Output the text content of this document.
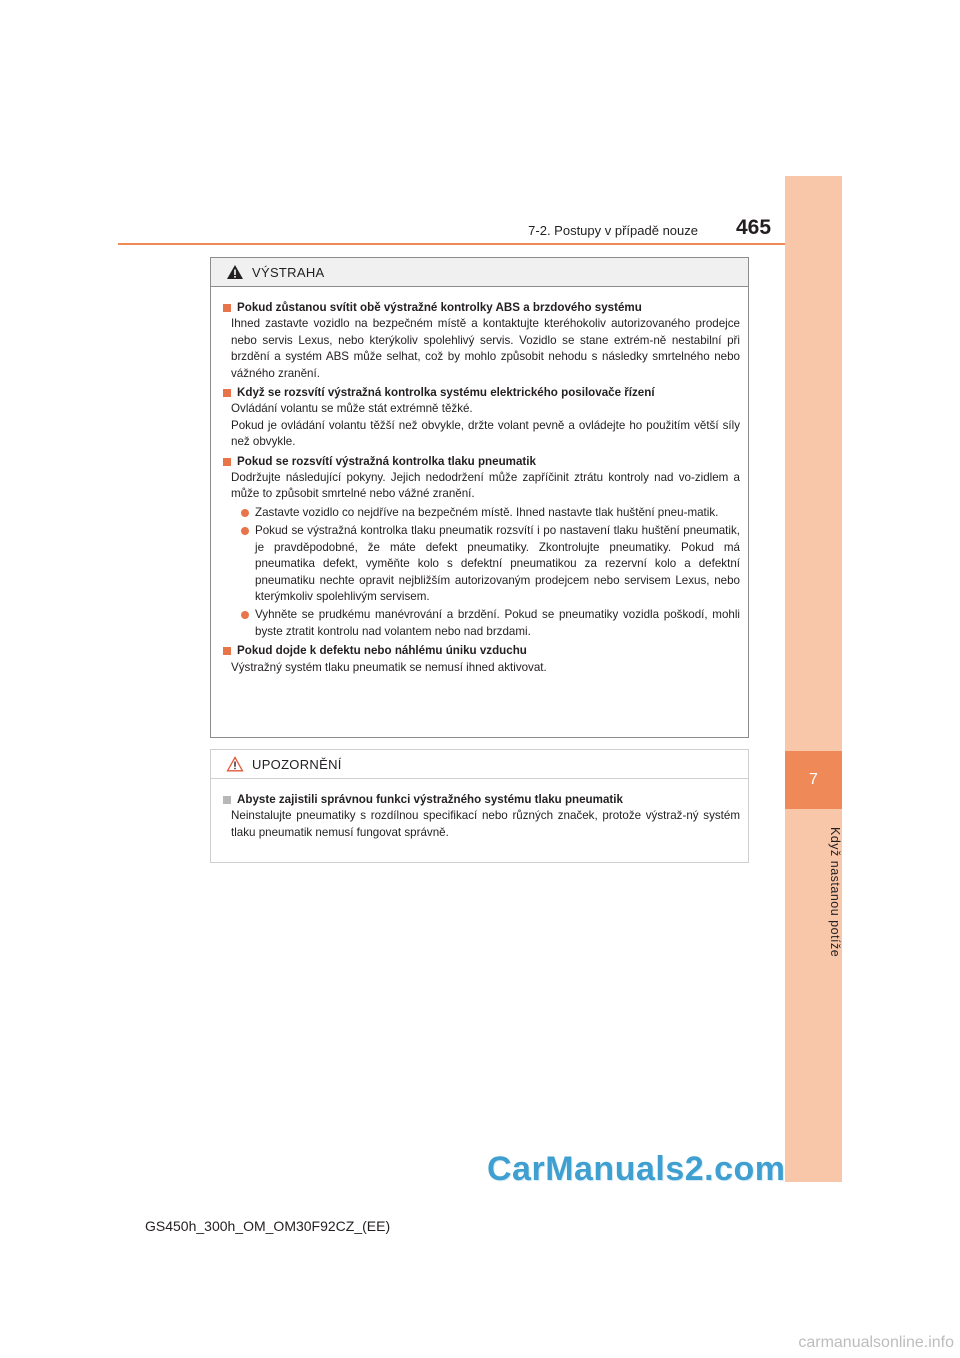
7
Když nastanou potíže
7-2. Postupy v případě nouze 465
VÝSTRAHA
Pokud zůstanou svítit obě výstražné kontrolky ABS a brzdového systému

Ihned zastavte vozidlo na bezpečném místě a kontaktujte kteréhokoliv autorizovaného prodejce nebo servis Lexus, nebo kterýkoliv spolehlivý servis. Vozidlo se stane extrém-ně nestabilní při brzdění a systém ABS může selhat, což by mohlo způsobit nehodu s následky smrtelného nebo vážného zranění.

Když se rozsvítí výstražná kontrolka systému elektrického posilovače řízení

Ovládání volantu se může stát extrémně těžké.

Pokud je ovládání volantu těžší než obvykle, držte volant pevně a ovládejte ho použitím větší síly než obvykle.

Pokud se rozsvítí výstražná kontrolka tlaku pneumatik

Dodržujte následující pokyny. Jejich nedodržení může zapříčinit ztrátu kontroly nad vo-zidlem a může to způsobit smrtelné nebo vážné zranění.

Zastavte vozidlo co nejdříve na bezpečném místě. Ihned nastavte tlak huštění pneu-matik.
Pokud se výstražná kontrolka tlaku pneumatik rozsvítí i po nastavení tlaku huštění pneumatik, je pravděpodobné, že máte defekt pneumatiky. Zkontrolujte pneumatiky. Pokud má pneumatika defekt, vyměňte kolo s defektní pneumatikou za rezervní kolo a defektní pneumatiku nechte opravit nejbližším autorizovaným prodejcem nebo servisem Lexus, nebo kterýmkoliv spolehlivým servisem.
Vyhněte se prudkému manévrování a brzdění. Pokud se pneumatiky vozidla poškodí, mohli byste ztratit kontrolu nad volantem nebo nad brzdami.
Pokud dojde k defektu nebo náhlému úniku vzduchu

Výstražný systém tlaku pneumatik se nemusí ihned aktivovat.

UPOZORNĚNÍ
Abyste zajistili správnou funkci výstražného systému tlaku pneumatik

Neinstalujte pneumatiky s rozdílnou specifikací nebo různých značek, protože výstraž-ný systém tlaku pneumatik nemusí fungovat správně.

CarManuals2.com
GS450h_300h_OM_OM30F92CZ_(EE)
carmanualsonline.info
